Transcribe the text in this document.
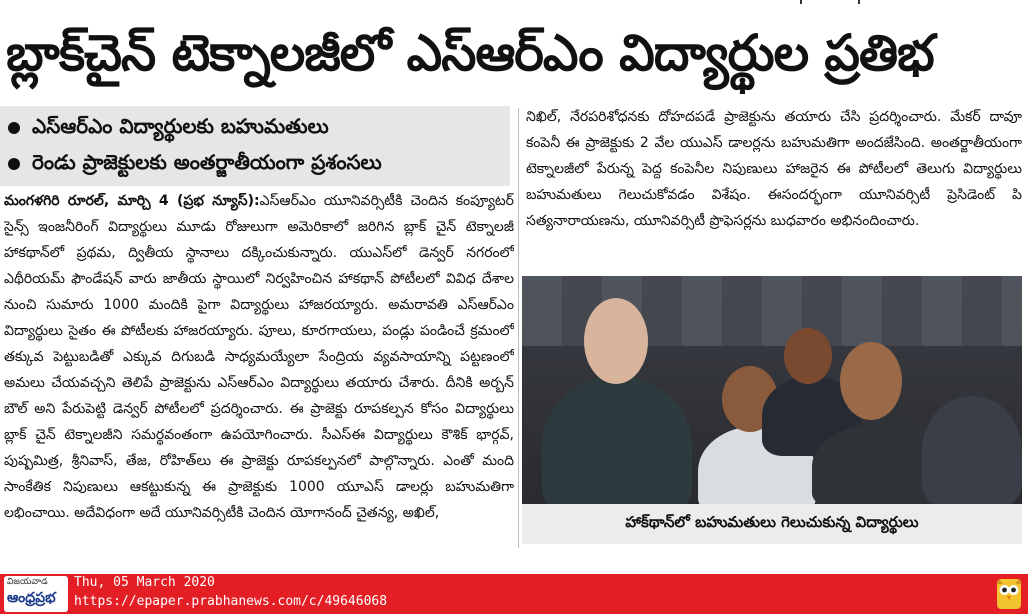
బ్లాక్‌చైన్ టెక్నాలజీలో ఎస్ఆర్ఎం విద్యార్థుల ప్రతిభ
ఎస్ఆర్ఎం విద్యార్థులకు బహుమతులు
రెండు ప్రాజెక్టులకు అంతర్జాతీయంగా ప్రశంసలు

మంగళగిరి రూరల్, మార్చి 4 (ప్రభ న్యూస్):ఎస్ఆర్ఎం యూనివర్సిటీకి చెందిన కంప్యూటర్ సైన్స్ ఇంజనీరింగ్ విద్యార్థులు మూడు రోజులుగా అమెరికాలో జరిగిన బ్లాక్ చైన్ టెక్నాలజీ హాకథాన్‌లో ప్రథమ, ద్వితీయ స్థానాలు దక్కించుకున్నారు. యుఎస్‌లో డెన్వర్ నగరంలో ఎథీరియమ్ ఫౌండేషన్ వారు జాతీయ స్థాయిలో నిర్వహించిన హాకథాన్ పోటీలలో వివిధ దేశాల నుంచి సుమారు 1000 మందికి పైగా విద్యార్థులు హాజరయ్యారు. అమరావతి ఎస్ఆర్ఎం విద్యార్థులు సైతం ఈ పోటీలకు హాజరయ్యారు. పూలు, కూరగాయలు, పండ్లు పండించే క్రమంలో తక్కువ పెట్టుబడితో ఎక్కువ దిగుబడి సాధ్యమయ్యేలా సేంద్రియ వ్యవసాయాన్ని పట్టణంలో అమలు చేయవచ్చని తెలిపే ప్రాజెక్టును ఎస్ఆర్ఎం విద్యార్థులు తయారు చేశారు. దీనికి అర్బన్ బౌల్ అని పేరుపెట్టి డెన్వర్ పోటీలలో ప్రదర్శించారు. ఈ ప్రాజెక్టు రూపకల్పన కోసం విద్యార్థులు బ్లాక్ చైన్ టెక్నాలజీని సమర్థవంతంగా ఉపయోగించారు. సీఎస్ఈ విద్యార్థులు కౌశిక్ భార్గవ్, పుష్పమిత్ర, శ్రీనివాస్, తేజ, రోహిత్‌లు ఈ ప్రాజెక్టు రూపకల్పనలో పాల్గొన్నారు. ఎంతో మంది సాంకేతిక నిపుణులు ఆకట్టుకున్న ఈ ప్రాజెక్టుకు 1000 యూఎస్ డాలర్లు బహుమతిగా లభించాయి. అదేవిధంగా అదే యూనివర్సిటీకి చెందిన యోగానంద్ చైతన్య, అఖిల్,

నిఖిల్, నేరపరిశోధనకు దోహదపడే ప్రాజెక్టును తయారు చేసి ప్రదర్శించారు. మేకర్ దావూ కంపెనీ ఈ ప్రాజెక్టుకు 2 వేల యుఎస్ డాలర్లను బహుమతిగా అందజేసింది. అంతర్జాతీయంగా టెక్నాలజీలో పేరున్న పెద్ద కంపెనీల నిపుణులు హాజరైన ఈ పోటీలలో తెలుగు విద్యార్థులు బహుమతులు గెలుచుకోవడం విశేషం. ఈసందర్భంగా యూనివర్సిటీ ప్రెసిడెంట్ పి సత్యనారాయణను, యూనివర్సిటీ ప్రొఫెసర్లను బుధవారం అభినందించారు.

హాక్‌థాన్‌లో బహుమతులు గెలుచుకున్న విద్యార్థులు
విజయవాడ
ఆంధ్రప్రభ
Thu, 05 March 2020
https://epaper.prabhanews.com/c/49646068
